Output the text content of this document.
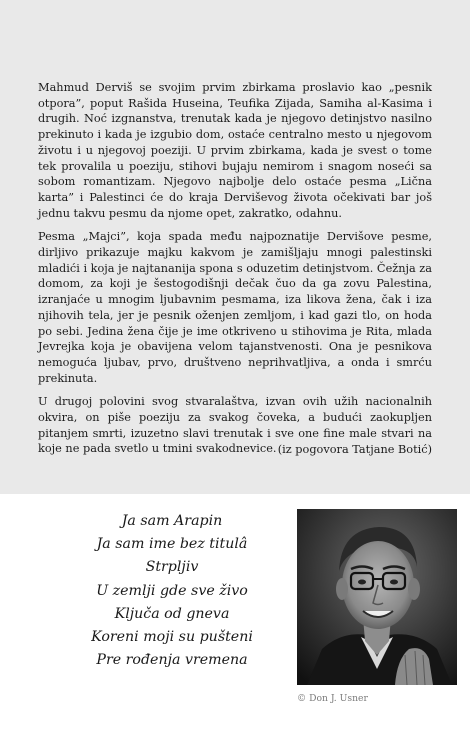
Mahmud Derviš se svojim prvim zbirkama proslavio kao „pesnik otpora”, poput Rašida Huseina, Teufika Zijada, Samiha al-Kasima i drugih. Noć izgnanstva, trenutak kada je njegovo detinjstvo nasilno prekinuto i kada je izgubio dom, ostaće centralno mesto u njegovom životu i u njegovoj poeziji. U prvim zbirkama, kada je svest o tome tek provalila u poeziju, stihovi bujaju nemirom i snagom noseći sa sobom romantizam. Njegovo najbolje delo ostaće pesma „Lična karta” i Palestinci će do kraja Derviševog života očekivati bar još jednu takvu pesmu da njome opet, zakratko, odahnu.

Pesma „Majci”, koja spada među najpoznatije Dervišove pesme, dirljivo prikazuje majku kakvom je zamišljaju mnogi palestinski mladići i koja je najtananija spona s oduzetim detinjstvom. Čežnja za domom, za koji je šestogodišnji dečak čuo da ga zovu Palestina, izranjaće u mnogim ljubavnim pesmama, iza likova žena, čak i iza njihovih tela, jer je pesnik oženjen zemljom, i kad gazi tlo, on hoda po sebi. Jedina žena čije je ime otkriveno u stihovima je Rita, mlada Jevrejka koja je obavijena velom tajanstvenosti. Ona je pesnikova nemoguća ljubav, prvo, društveno neprihvatljiva, a onda i smrću prekinuta.

U drugoj polovini svog stvaralaštva, izvan ovih užih nacionalnih okvira, on piše poeziju za svakog čoveka, a budući zaokupljen pitanjem smrti, izuzetno slavi trenutak i sve one fine male stvari na koje ne pada svetlo u tmini svakodnevice. (iz pogovora Tatjane Botić)
Ja sam Arapin
Ja sam ime bez titulâ
Strpljiv
U zemlji gde sve živo
Ključa od gneva
Koreni moji su pušteni
Pre rođenja vremena
© Don J. Usner
